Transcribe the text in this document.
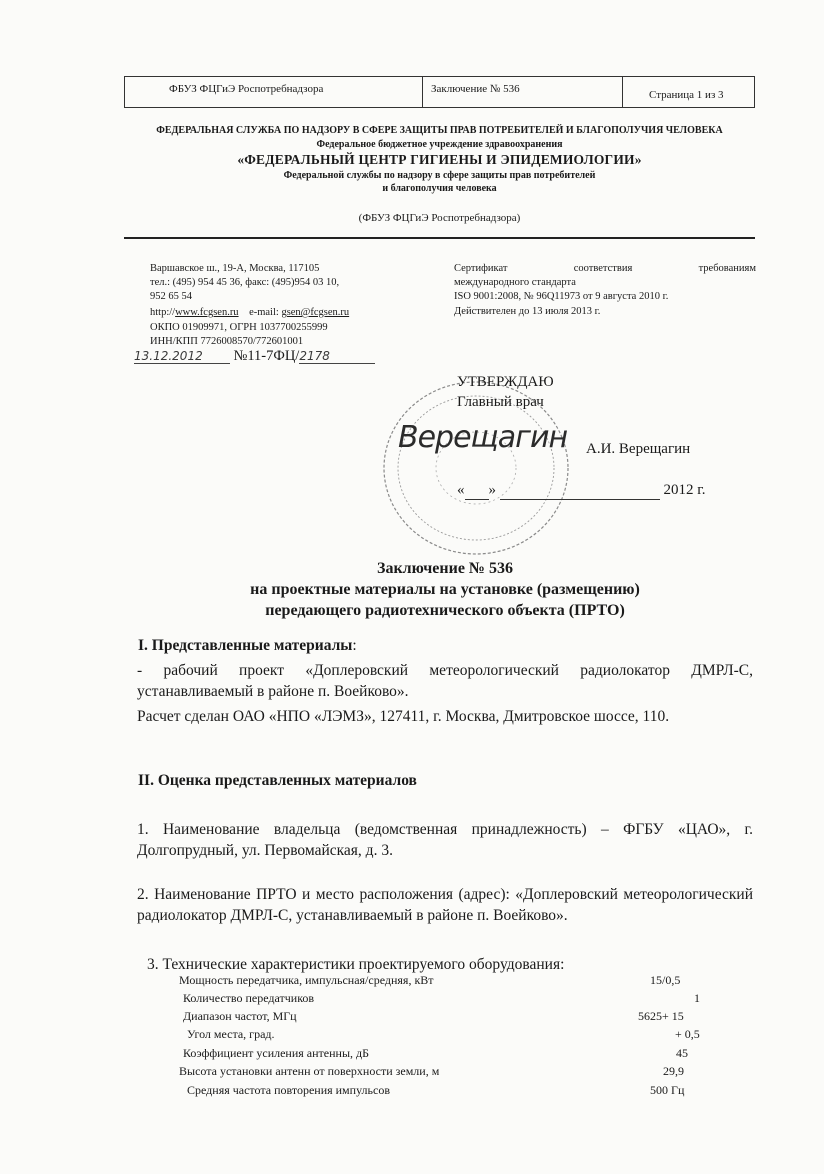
ФБУЗ ФЦГиЭ Роспотребнадзора	Заключение № 536	Страница 1 из 3
ФЕДЕРАЛЬНАЯ СЛУЖБА ПО НАДЗОРУ В СФЕРЕ ЗАЩИТЫ ПРАВ ПОТРЕБИТЕЛЕЙ И БЛАГОПОЛУЧИЯ ЧЕЛОВЕКА
Федеральное бюджетное учреждение здравоохранения
«ФЕДЕРАЛЬНЫЙ ЦЕНТР ГИГИЕНЫ И ЭПИДЕМИОЛОГИИ»
Федеральной службы по надзору в сфере защиты прав потребителей
и благополучия человека
(ФБУЗ ФЦГиЭ Роспотребнадзора)
Варшавское ш., 19-А, Москва, 117105
тел.: (495) 954 45 36, факс: (495)954 03 10,
952 65 54
http://www.fcgsen.ru e-mail: gsen@fcgsen.ru
ОКПО 01909971, ОГРН 1037700255999
ИНН/КПП 7726008570/772601001
13.12.2012 №11-7ФЦ/2178
Сертификат	соответствия	требованиям
международного стандарта
ISO 9001:2008, № 96Q11973 от 9 августа 2010 г.
Действителен до 13 июля 2013 г.
УТВЕРЖДАЮ
Главный врач
Верещагин А.И. Верещагин
« »	2012 г.
Заключение № 536
на проектные материалы на установке (размещению)
передающего радиотехнического объекта (ПРТО)
I. Представленные материалы:
- рабочий проект «Доплеровский метеорологический радиолокатор ДМРЛ-С, устанавливаемый в районе п. Воейково».
Расчет сделан ОАО «НПО «ЛЭМЗ», 127411, г. Москва, Дмитровское шоссе, 110.
II. Оценка представленных материалов
1. Наименование владельца (ведомственная принадлежность) – ФГБУ «ЦАО», г. Долгопрудный, ул. Первомайская, д. 3.
2. Наименование ПРТО и место расположения (адрес): «Доплеровский метеорологический радиолокатор ДМРЛ-С, устанавливаемый в районе п. Воейково».
3. Технические характеристики проектируемого оборудования:
Мощность передатчика, импульсная/средняя, кВт	15/0,5
Количество передатчиков	1
Диапазон частот, МГц	5625+ 15
Угол места, град.	+ 0,5
Коэффициент усиления антенны, дБ	45
Высота установки антенн от поверхности земли, м	29,9
Средняя частота повторения импульсов	500 Гц
